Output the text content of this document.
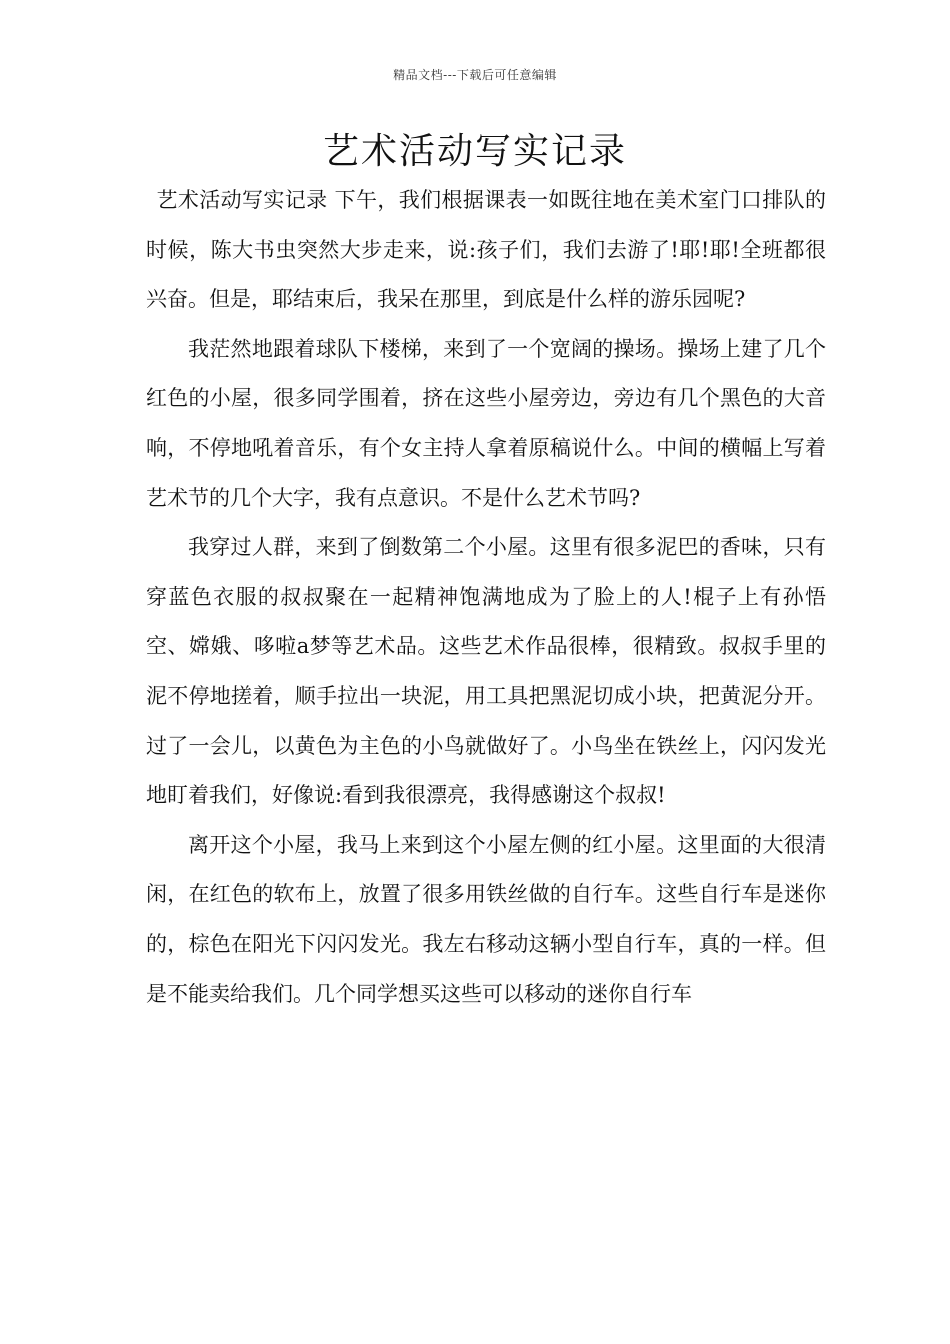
精品文档---下载后可任意编辑
艺术活动写实记录

艺术活动写实记录 下午，我们根据课表一如既往地在美术室门口排队的时候，陈大书虫突然大步走来，说:孩子们，我们去游了!耶!耶!全班都很兴奋。但是，耶结束后，我呆在那里，到底是什么样的游乐园呢?

我茫然地跟着球队下楼梯，来到了一个宽阔的操场。操场上建了几个红色的小屋，很多同学围着，挤在这些小屋旁边，旁边有几个黑色的大音响，不停地吼着音乐，有个女主持人拿着原稿说什么。中间的横幅上写着艺术节的几个大字，我有点意识。不是什么艺术节吗?

我穿过人群，来到了倒数第二个小屋。这里有很多泥巴的香味，只有穿蓝色衣服的叔叔聚在一起精神饱满地成为了脸上的人!棍子上有孙悟空、嫦娥、哆啦a梦等艺术品。这些艺术作品很棒，很精致。叔叔手里的泥不停地搓着，顺手拉出一块泥，用工具把黑泥切成小块，把黄泥分开。过了一会儿，以黄色为主色的小鸟就做好了。小鸟坐在铁丝上，闪闪发光地盯着我们，好像说:看到我很漂亮，我得感谢这个叔叔!

离开这个小屋，我马上来到这个小屋左侧的红小屋。这里面的大很清闲，在红色的软布上，放置了很多用铁丝做的自行车。这些自行车是迷你的，棕色在阳光下闪闪发光。我左右移动这辆小型自行车，真的一样。但是不能卖给我们。几个同学想买这些可以移动的迷你自行车
